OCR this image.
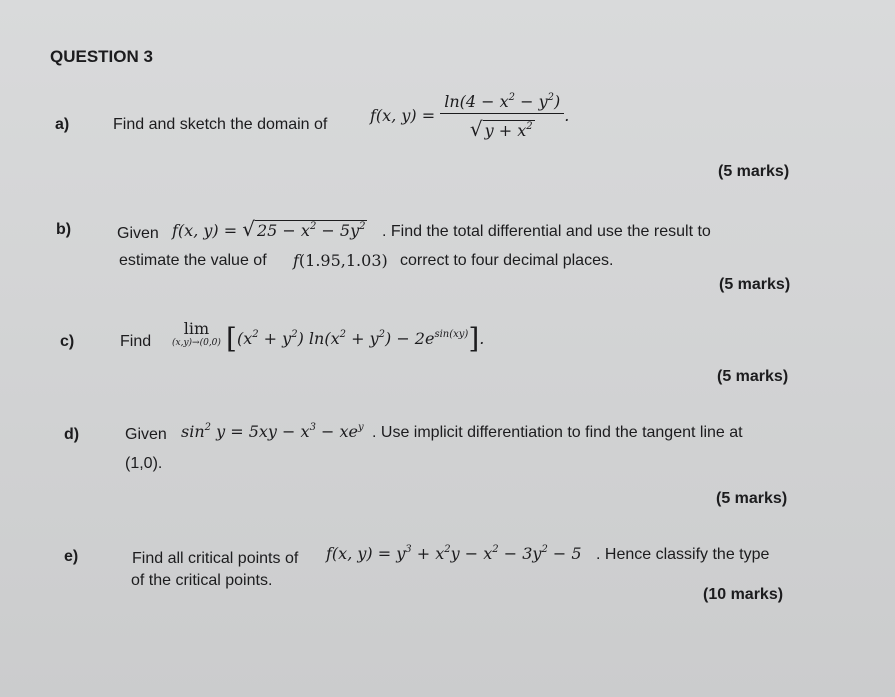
QUESTION 3
a)	Find and sketch the domain of	f(x, $y) = \frac{\ln(4 - x^2 - y^2)}{√ y + x^2}$ .
(5 marks)
b)	Given f(x, y) = √ $25 - x^2 - 5y^2$ . Find the total differential and use the result to
estimate the value of f(1.95,1.03) correct to four decimal places.
(5 marks)
c)	Find
lim
(x,y)→(0,0) $[(x^2 + y^2) \ln(x^2 + y^2) - 2e^{sin(xy)}]$.
(5 marks)
d)	Given $\sin^2 y = 5xy - x^3 - xe^y$ . Use implicit differentiation to find the tangent line at
(1,0).
(5 marks)
e)	Find all critical points of f(x, $y) = y^3 + x^2y - x^2 - 3y^2 - 5$ . Hence classify the type
of the critical points.
(10 marks)
